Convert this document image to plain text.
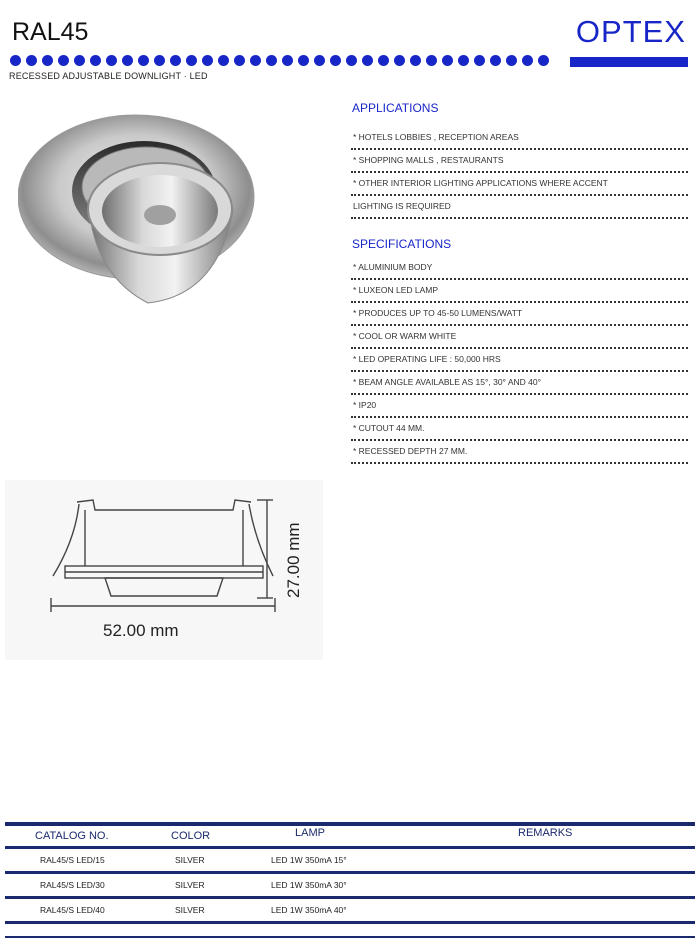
RAL45	OPTEX
RECESSED ADJUSTABLE DOWNLIGHT · LED
APPLICATIONS
* HOTELS LOBBIES , RECEPTION AREAS
* SHOPPING MALLS , RESTAURANTS
* OTHER INTERIOR LIGHTING APPLICATIONS WHERE ACCENT
LIGHTING IS REQUIRED
SPECIFICATIONS
* ALUMINIUM BODY
* LUXEON LED LAMP
* PRODUCES UP TO 45-50 LUMENS/WATT
* COOL OR WARM WHITE
* LED OPERATING LIFE : 50,000 HRS
* BEAM ANGLE AVAILABLE AS 15°, 30° AND 40°
* IP20
* CUTOUT 44 MM.
* RECESSED DEPTH 27 MM.
52.00 mm
27.00 mm
CATALOG NO.	COLOR	LAMP	REMARKS
RAL45/S LED/15	SILVER	LED 1W 350mA 15°
RAL45/S LED/30	SILVER	LED 1W 350mA 30°
RAL45/S LED/40	SILVER	LED 1W 350mA 40°
